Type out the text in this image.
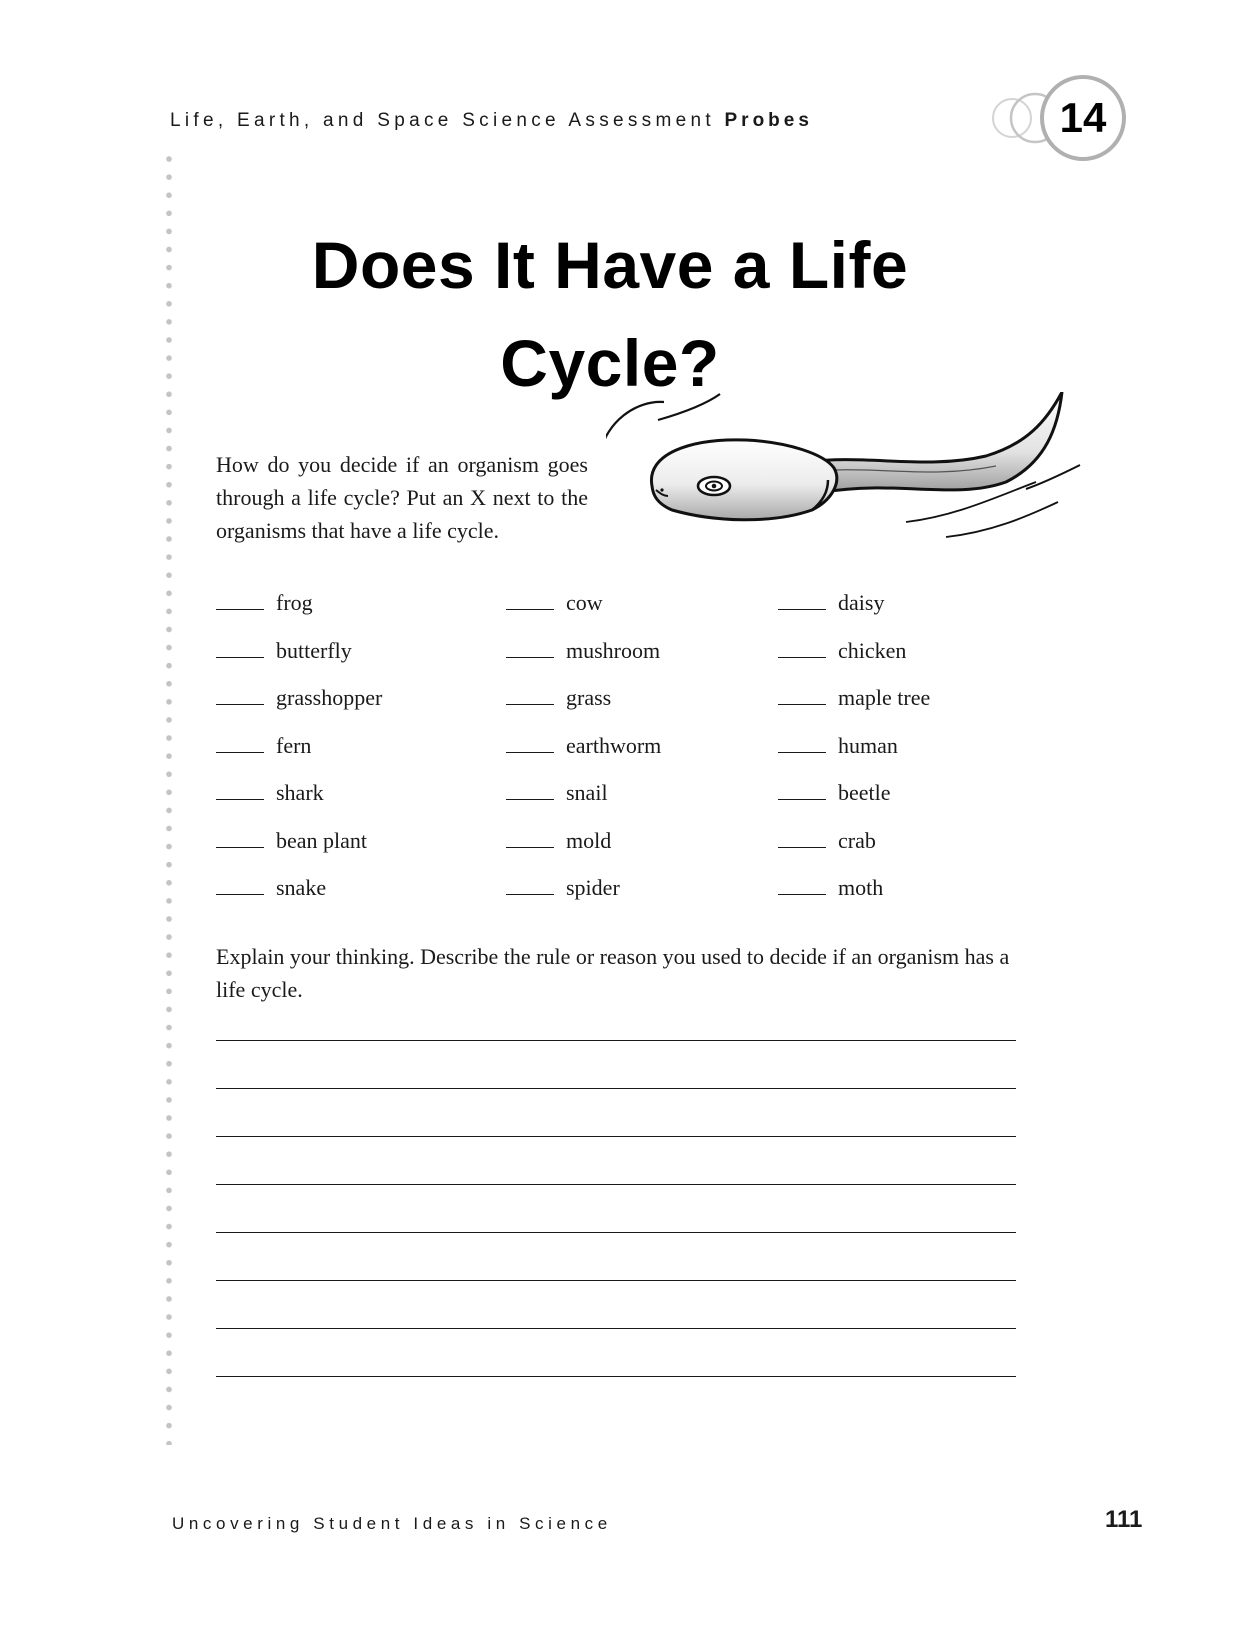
Life, Earth, and Space Science Assessment Probes	14
Does It Have a Life
Cycle?
How do you decide if an organism goes through a life cycle? Put an X next to the organisms that have a life cycle.
frog
butterfly
grasshopper
fern
shark
bean plant
snake
cow
mushroom
grass
earthworm
snail
mold
spider
daisy
chicken
maple tree
human
beetle
crab
moth
Explain your thinking. Describe the rule or reason you used to decide if an organism has a life cycle.
Uncovering Student Ideas in Science	111
